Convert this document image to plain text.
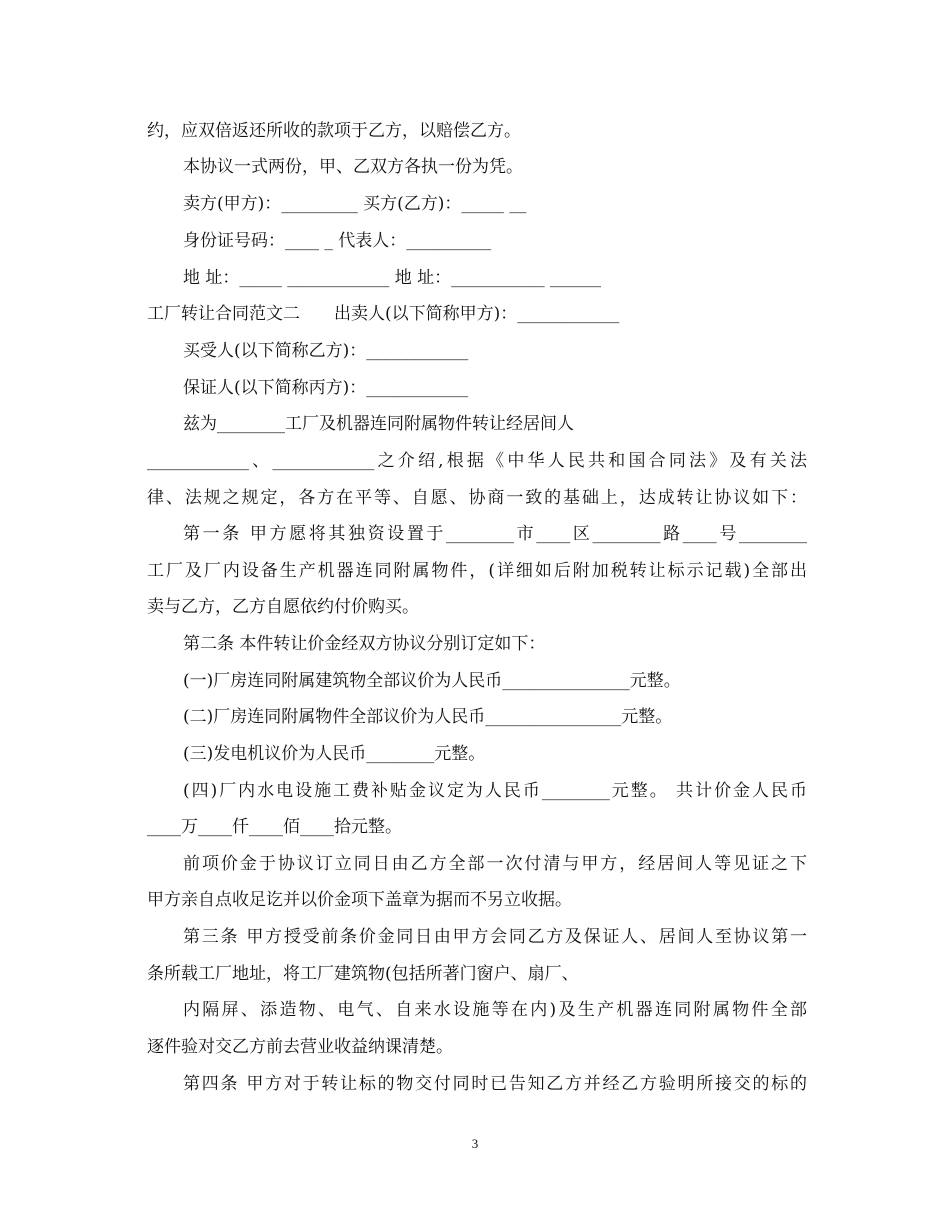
约，应双倍返还所收的款项于乙方，以赔偿乙方。
本协议一式两份，甲、乙双方各执一份为凭。
卖方(甲方)：_________ 买方(乙方)：_____ __
身份证号码：____ _ 代表人：__________
地 址：_____ ____________ 地 址：___________ ______
工厂转让合同范文二　　出卖人(以下简称甲方)：____________
买受人(以下简称乙方)：____________
保证人(以下简称丙方)：____________
兹为________工厂及机器连同附属物件转让经居间人
____________、____________之介绍,根据《中华人民共和国合同法》及有关法
律、法规之规定，各方在平等、自愿、协商一致的基础上，达成转让协议如下：
第一条 甲方愿将其独资设置于________市____区________路____号________
工厂及厂内设备生产机器连同附属物件，(详细如后附加税转让标示记载)全部出
卖与乙方，乙方自愿依约付价购买。
第二条 本件转让价金经双方协议分别订定如下：
(一)厂房连同附属建筑物全部议价为人民币_______________元整。
(二)厂房连同附属物件全部议价为人民币________________元整。
(三)发电机议价为人民币________元整。
(四)厂内水电设施工费补贴金议定为人民币________元整。 共计价金人民币
____万____仟____佰____拾元整。
前项价金于协议订立同日由乙方全部一次付清与甲方，经居间人等见证之下
甲方亲自点收足讫并以价金项下盖章为据而不另立收据。
第三条 甲方授受前条价金同日由甲方会同乙方及保证人、居间人至协议第一
条所载工厂地址，将工厂建筑物(包括所著门窗户、扇厂、
内隔屏、添造物、电气、自来水设施等在内)及生产机器连同附属物件全部
逐件验对交乙方前去营业收益纳课清楚。
第四条 甲方对于转让标的物交付同时已告知乙方并经乙方验明所接交的标的
3
